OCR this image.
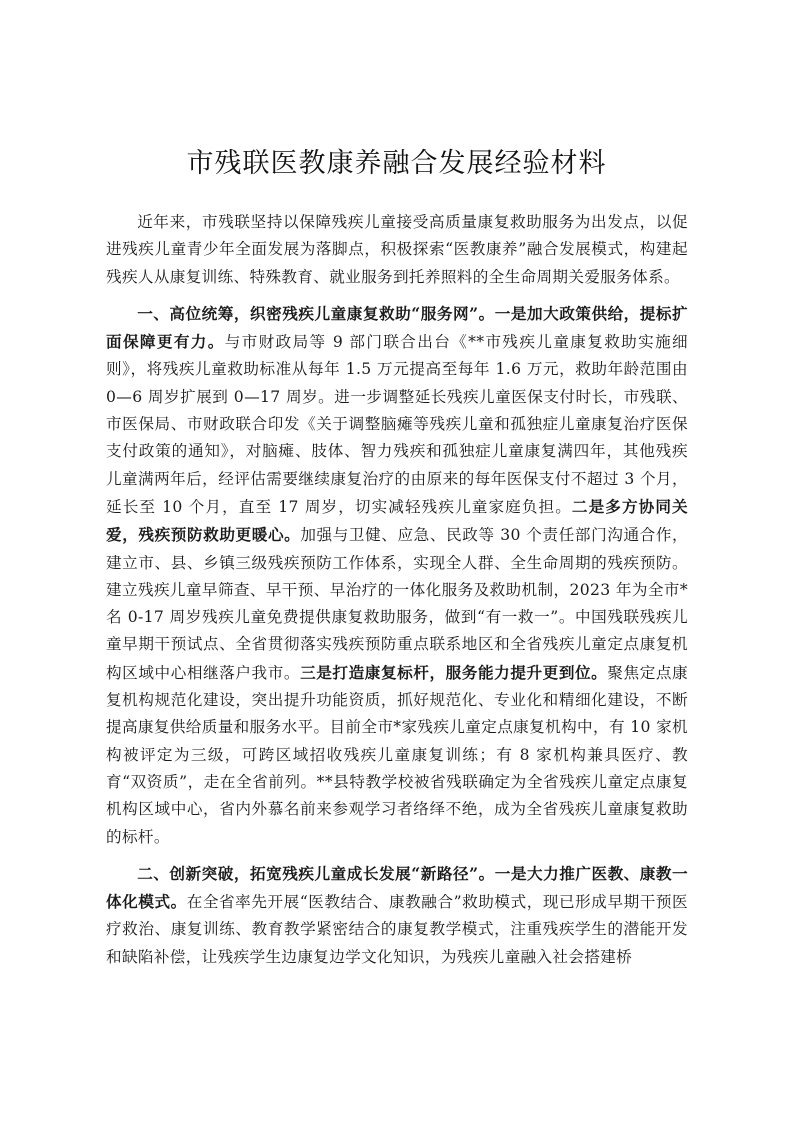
市残联医教康养融合发展经验材料

近年来，市残联坚持以保障残疾儿童接受高质量康复救助服务为出发点，以促进残疾儿童青少年全面发展为落脚点，积极探索“医教康养”融合发展模式，构建起残疾人从康复训练、特殊教育、就业服务到托养照料的全生命周期关爱服务体系。

一、高位统筹，织密残疾儿童康复救助“服务网”。一是加大政策供给，提标扩面保障更有力。与市财政局等 9 部门联合出台《**市残疾儿童康复救助实施细则》，将残疾儿童救助标准从每年 1.5 万元提高至每年 1.6 万元，救助年龄范围由 0—6 周岁扩展到 0—17 周岁。进一步调整延长残疾儿童医保支付时长，市残联、市医保局、市财政联合印发《关于调整脑瘫等残疾儿童和孤独症儿童康复治疗医保支付政策的通知》，对脑瘫、肢体、智力残疾和孤独症儿童康复满四年，其他残疾儿童满两年后，经评估需要继续康复治疗的由原来的每年医保支付不超过 3 个月，延长至 10 个月，直至 17 周岁，切实减轻残疾儿童家庭负担。二是多方协同关爱，残疾预防救助更暖心。加强与卫健、应急、民政等 30 个责任部门沟通合作，建立市、县、乡镇三级残疾预防工作体系，实现全人群、全生命周期的残疾预防。建立残疾儿童早筛查、早干预、早治疗的一体化服务及救助机制，2023 年为全市*名 0-17 周岁残疾儿童免费提供康复救助服务，做到“有一救一”。中国残联残疾儿童早期干预试点、全省贯彻落实残疾预防重点联系地区和全省残疾儿童定点康复机构区域中心相继落户我市。三是打造康复标杆，服务能力提升更到位。聚焦定点康复机构规范化建设，突出提升功能资质，抓好规范化、专业化和精细化建设，不断提高康复供给质量和服务水平。目前全市*家残疾儿童定点康复机构中，有 10 家机构被评定为三级，可跨区域招收残疾儿童康复训练；有 8 家机构兼具医疗、教育“双资质”，走在全省前列。**县特教学校被省残联确定为全省残疾儿童定点康复机构区域中心，省内外慕名前来参观学习者络绎不绝，成为全省残疾儿童康复救助的标杆。

二、创新突破，拓宽残疾儿童成长发展“新路径”。一是大力推广医教、康教一体化模式。在全省率先开展“医教结合、康教融合”救助模式，现已形成早期干预医疗救治、康复训练、教育教学紧密结合的康复教学模式，注重残疾学生的潜能开发和缺陷补偿，让残疾学生边康复边学文化知识，为残疾儿童融入社会搭建桥
